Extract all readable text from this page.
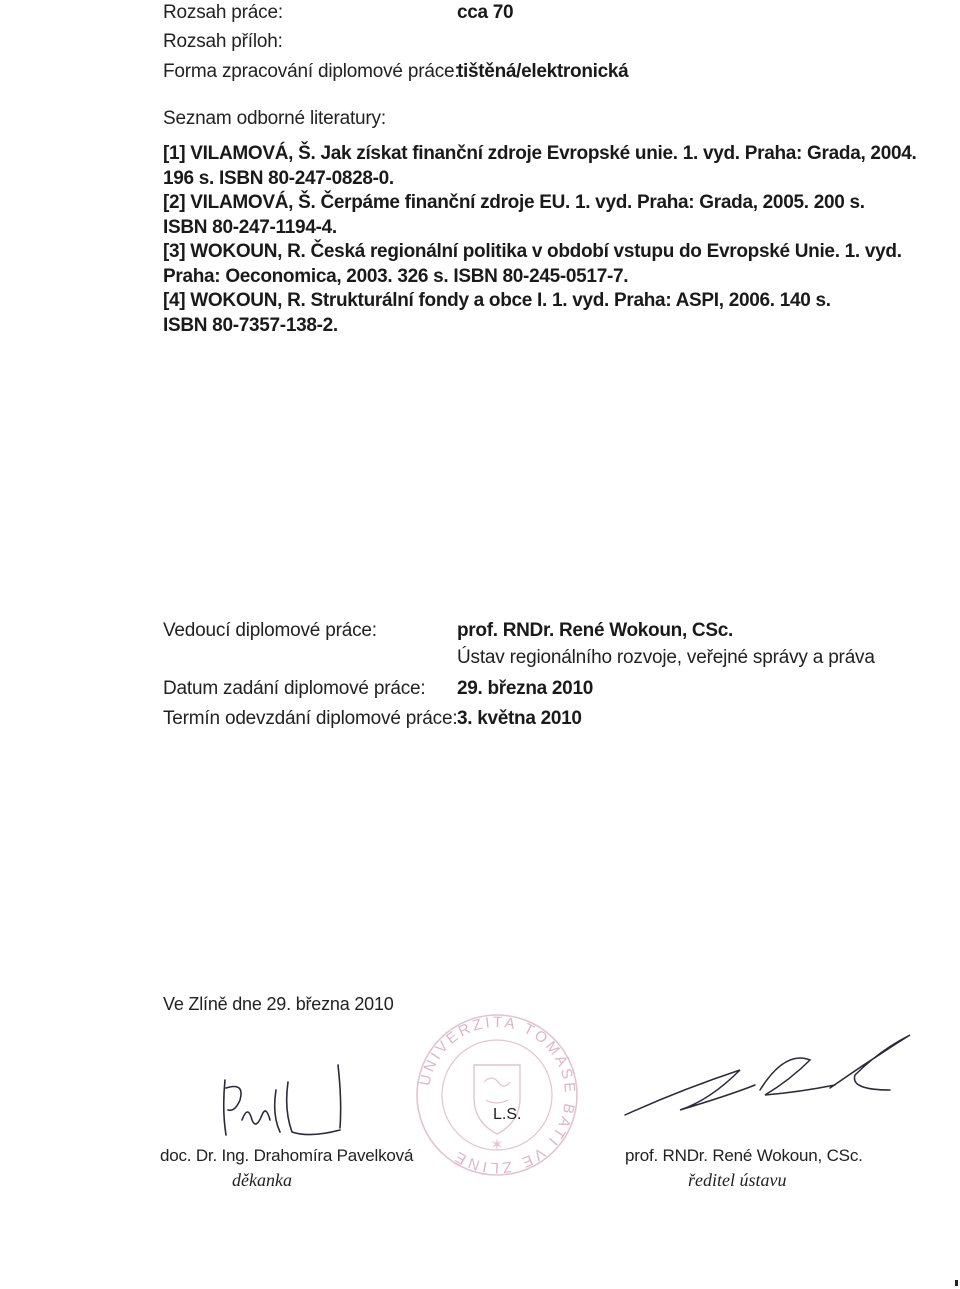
Rozsah práce:	cca 70
Rozsah příloh:
Forma zpracování diplomové práce:
tištěná/elektronická
Seznam odborné literatury:
[1] VILAMOVÁ, Š. Jak získat finanční zdroje Evropské unie. 1. vyd. Praha: Grada, 2004.
196 s. ISBN 80-247-0828-0.
[2] VILAMOVÁ, Š. Čerpáme finanční zdroje EU. 1. vyd. Praha: Grada, 2005. 200 s.
ISBN 80-247-1194-4.
[3] WOKOUN, R. Česká regionální politika v období vstupu do Evropské Unie. 1. vyd.
Praha: Oeconomica, 2003. 326 s. ISBN 80-245-0517-7.
[4] WOKOUN, R. Strukturální fondy a obce I. 1. vyd. Praha: ASPI, 2006. 140 s.
ISBN 80-7357-138-2.
Vedoucí diplomové práce:	prof. RNDr. René Wokoun, CSc.
Ústav regionálního rozvoje, veřejné správy a práva
Datum zadání diplomové práce: 29. března 2010
Termín odevzdání diplomové práce: 3. května 2010
Ve Zlíně dne 29. března 2010
UNIVERZITA TOMÁŠE BATI VE ZLÍNĚ
✶
L.S.
doc. Dr. Ing. Drahomíra Pavelková
děkanka
prof. RNDr. René Wokoun, CSc.
ředitel ústavu
